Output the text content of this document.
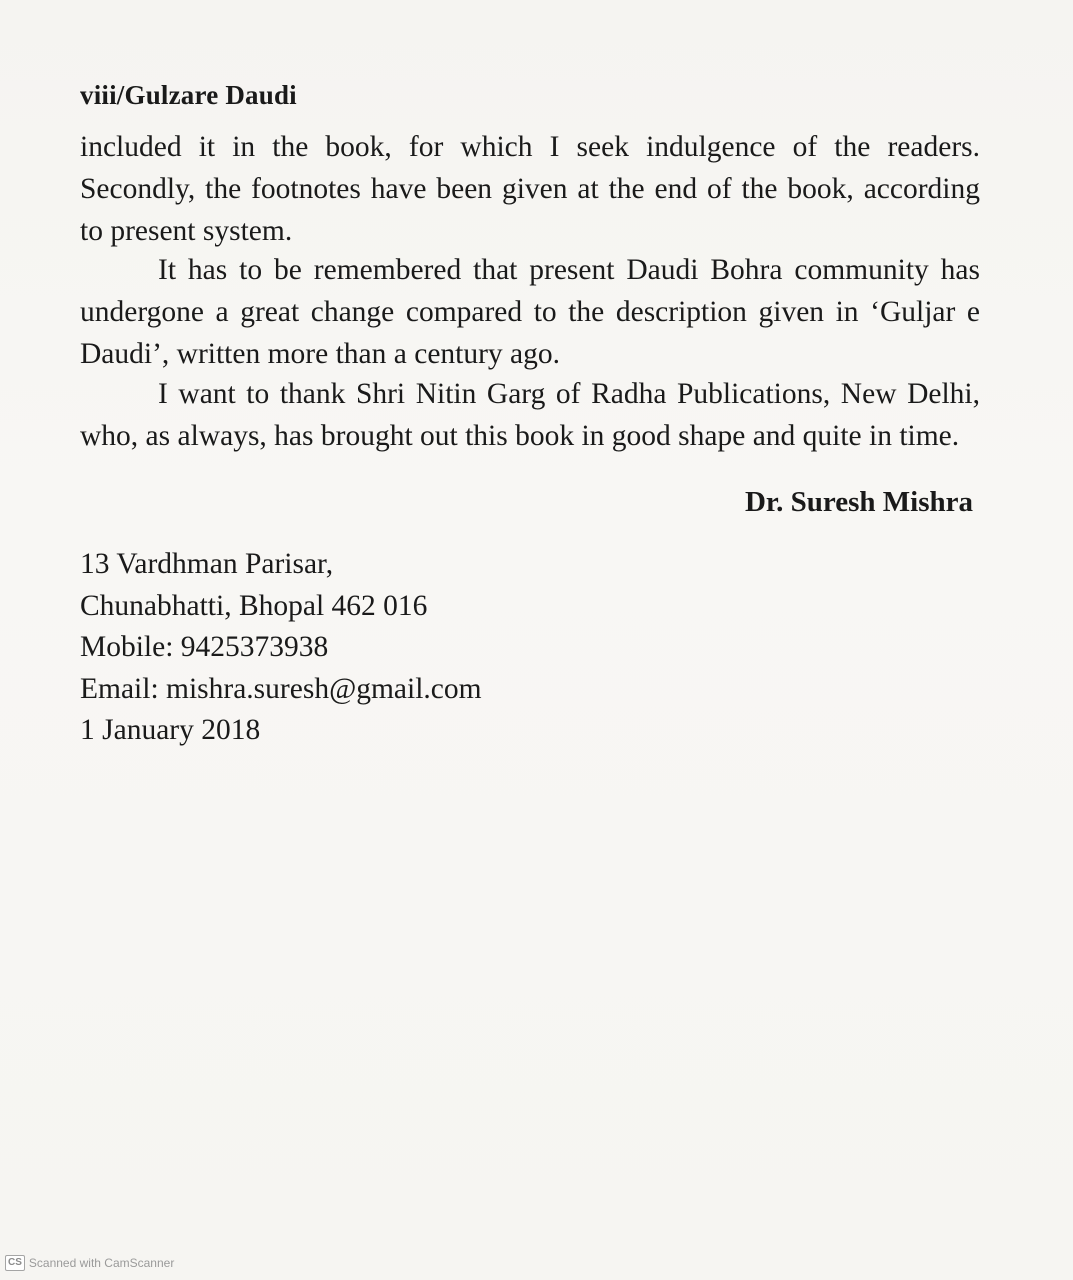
viii/Gulzare Daudi

included it in the book, for which I seek indulgence of the readers. Secondly, the footnotes have been given at the end of the book, according to present system.

It has to be remembered that present Daudi Bohra community has undergone a great change compared to the description given in ‘Guljar e Daudi’, written more than a century ago.

I want to thank Shri Nitin Garg of Radha Publications, New Delhi, who, as always, has brought out this book in good shape and quite in time.

Dr. Suresh Mishra
13 Vardhman Parisar,
Chunabhatti, Bhopal 462 016
Mobile: 9425373938
Email: mishra.suresh@gmail.com
1 January 2018
CS Scanned with CamScanner
